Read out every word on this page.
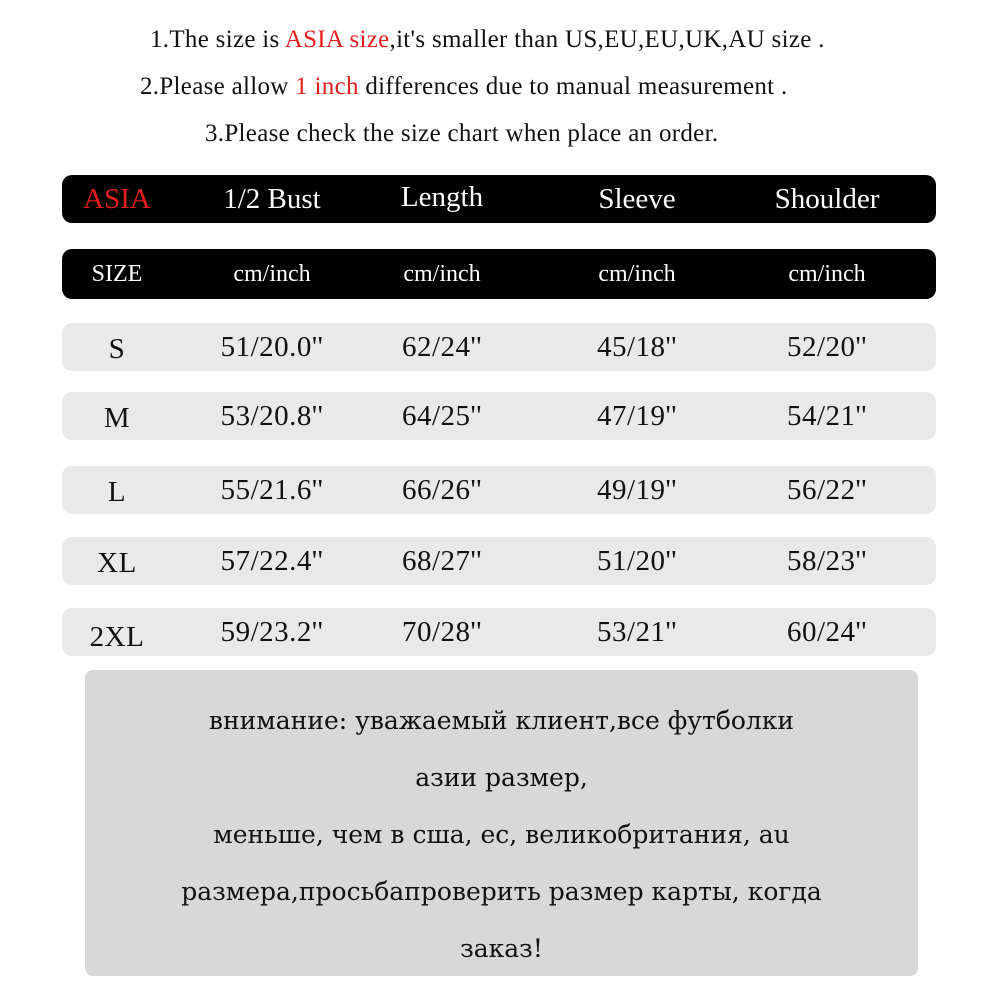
1.The size is ASIA size,it's smaller than US,EU,EU,UK,AU size .
2.Please allow 1 inch differences due to manual measurement .
3.Please check the size chart when place an order.
ASIA	1/2 Bust	Length	Sleeve	Shoulder
SIZE	cm/inch	cm/inch	cm/inch	cm/inch
S	51/20.0''	62/24''	45/18''	52/20''
M	53/20.8''	64/25''	47/19''	54/21''
L	55/21.6''	66/26''	49/19''	56/22''
XL	57/22.4''	68/27''	51/20''	58/23''
2XL	59/23.2''	70/28''	53/21''	60/24''
внимание: уважаемый клиент,все футболки
азии размер,
меньше, чем в сша, ес, великобритания, au
размера,просьбапроверить размер карты, когда
заказ!
